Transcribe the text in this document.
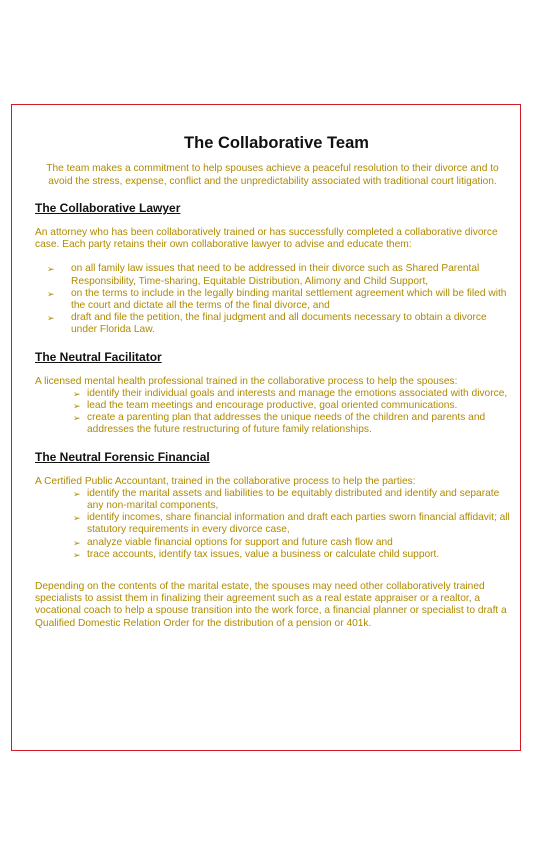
The Collaborative Team
The team makes a commitment to help spouses achieve a peaceful resolution to their divorce and to avoid the stress, expense, conflict and the unpredictability associated with traditional court litigation.
The Collaborative Lawyer
An attorney who has been collaboratively trained or has successfully completed a collaborative divorce case. Each party retains their own collaborative lawyer to advise and educate them:
➢ on all family law issues that need to be addressed in their divorce such as Shared Parental Responsibility, Time-sharing, Equitable Distribution, Alimony and Child Support,
➢ on the terms to include in the legally binding marital settlement agreement which will be filed with the court and dictate all the terms of the final divorce, and
➢ draft and file the petition, the final judgment and all documents necessary to obtain a divorce under Florida Law.
The Neutral Facilitator
A licensed mental health professional trained in the collaborative process to help the spouses:
➢ identify their individual goals and interests and manage the emotions associated with divorce,
➢ lead the team meetings and encourage productive, goal oriented communications.
➢ create a parenting plan that addresses the unique needs of the children and parents and addresses the future restructuring of future family relationships.
The Neutral Forensic Financial
A Certified Public Accountant, trained in the collaborative process to help the parties:
➢ identify the marital assets and liabilities to be equitably distributed and identify and separate any non-marital components,
➢ identify incomes, share financial information and draft each parties sworn financial affidavit; all statutory requirements in every divorce case,
➢ analyze viable financial options for support and future cash flow and
➢ trace accounts, identify tax issues, value a business or calculate child support.
Depending on the contents of the marital estate, the spouses may need other collaboratively trained specialists to assist them in finalizing their agreement such as a real estate appraiser or a realtor, a vocational coach to help a spouse transition into the work force, a financial planner or specialist to draft a Qualified Domestic Relation Order for the distribution of a pension or 401k.
